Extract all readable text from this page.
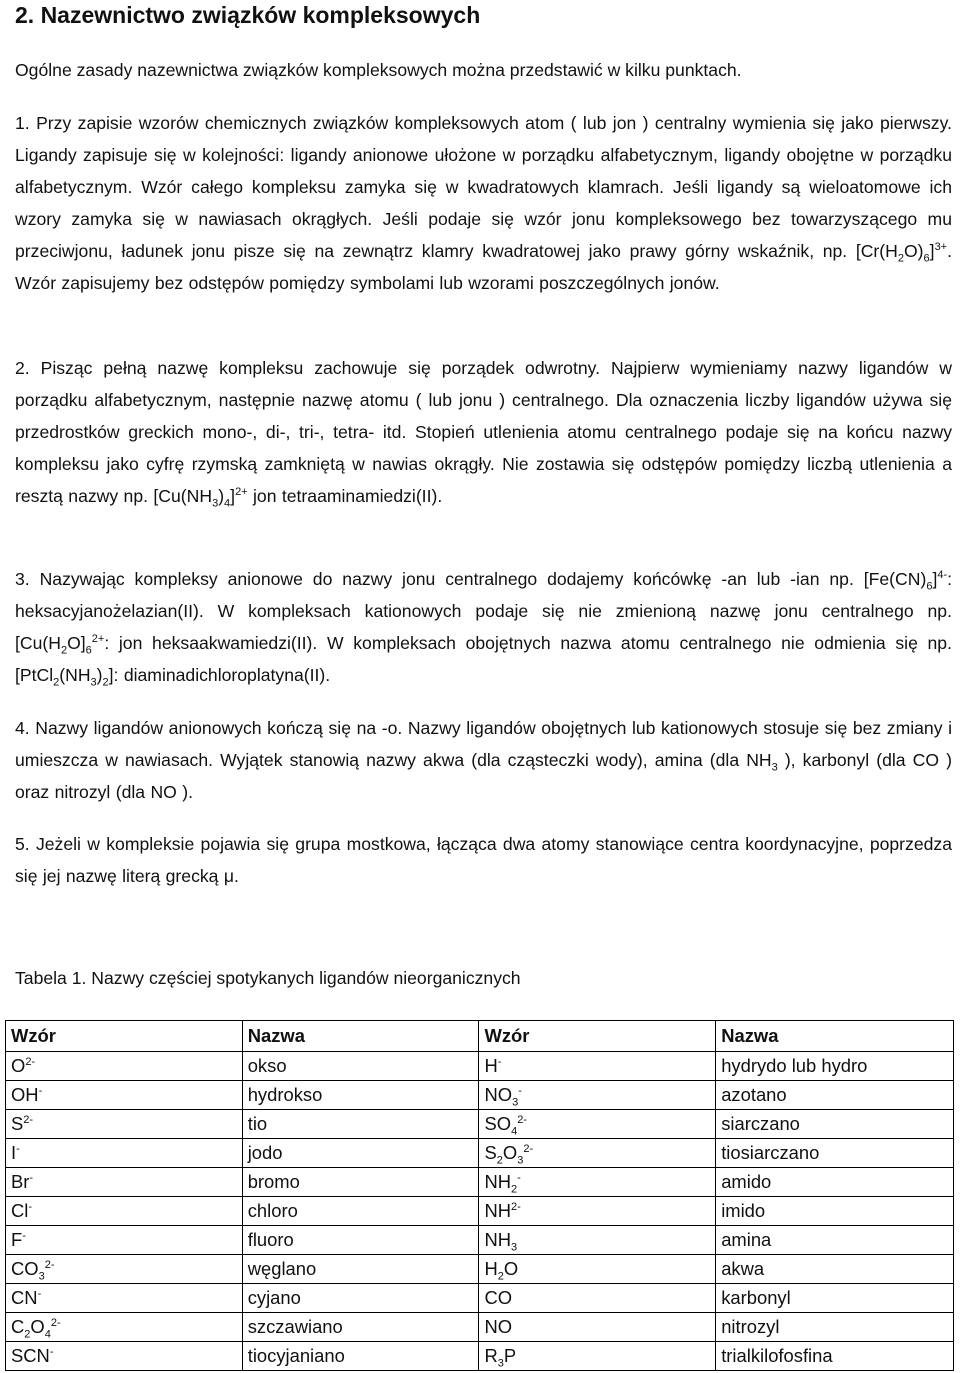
2. Nazewnictwo związków kompleksowych
Ogólne zasady nazewnictwa związków kompleksowych można przedstawić w kilku punktach.
1. Przy zapisie wzorów chemicznych związków kompleksowych atom ( lub jon ) centralny wymienia się jako pierwszy. Ligandy zapisuje się w kolejności: ligandy anionowe ułożone w porządku alfabetycznym, ligandy obojętne w porządku alfabetycznym. Wzór całego kompleksu zamyka się w kwadratowych klamrach. Jeśli ligandy są wieloatomowe ich wzory zamyka się w nawiasach okrągłych. Jeśli podaje się wzór jonu kompleksowego bez towarzyszącego mu przeciwjonu, ładunek jonu pisze się na zewnątrz klamry kwadratowej jako prawy górny wskaźnik, np. $[Cr(H_2O)_6]^{3+}$. Wzór zapisujemy bez odstępów pomiędzy symbolami lub wzorami poszczególnych jonów.
2. Pisząc pełną nazwę kompleksu zachowuje się porządek odwrotny. Najpierw wymieniamy nazwy ligandów w porządku alfabetycznym, następnie nazwę atomu ( lub jonu ) centralnego. Dla oznaczenia liczby ligandów używa się przedrostków greckich mono-, di-, tri-, tetra- itd. Stopień utlenienia atomu centralnego podaje się na końcu nazwy kompleksu jako cyfrę rzymską zamkniętą w nawias okrągły. Nie zostawia się odstępów pomiędzy liczbą utlenienia a resztą nazwy np. $[Cu(NH_3)_4]^{2+}$ jon tetraaminamiedzi(II).
3. Nazywając kompleksy anionowe do nazwy jonu centralnego dodajemy końcówkę -an lub -ian np. $[Fe(CN)_6]^{4-}$: heksacyjanożelazian(II). W kompleksach kationowych podaje się nie zmienioną nazwę jonu centralnego $np.[Cu(H_2O]_6^{2+}$: jon heksaakwamiedzi(II). W kompleksach obojętnych nazwa atomu centralnego nie odmienia się np. $[PtCl_2(NH_3)_2]$: diaminadichloroplatyna(II).
4. Nazwy ligandów anionowych kończą się na -o. Nazwy ligandów obojętnych lub kationowych stosuje się bez zmiany i umieszcza w nawiasach. Wyjątek stanowią nazwy akwa (dla cząsteczki wody), amina (dla $NH_3$ ), karbonyl (dla CO ) oraz nitrozyl (dla NO ).
5. Jeżeli w kompleksie pojawia się grupa mostkowa, łącząca dwa atomy stanowiące centra koordynacyjne, poprzedza się jej nazwę literą grecką μ.
Tabela 1. Nazwy częściej spotykanych ligandów nieorganicznych
Wzór	Nazwa	Wzór	Nazwa
$O^{2-}$	okso	H-	hydrydo lub hydro
OH-	hydrokso	$NO_3^-$	azotano
$S^{2-}$	tio	$SO_4^{2-}$	siarczano
I-	jodo	$S_2O_3^{2-}$	tiosiarczano
Br-	bromo	$NH_2^-$	amido
Cl-	chloro	$NH^{2-}$	imido
F-	fluoro	$NH_3$	amina
$CO_3^{2-}$	węglano	$H_2O$	akwa
CN-	cyjano	CO	karbonyl
$C_2O_4^{2-}$	szczawiano	NO	nitrozyl
SCN-	tiocyjaniano	$R_3P$	trialkilofosfina
